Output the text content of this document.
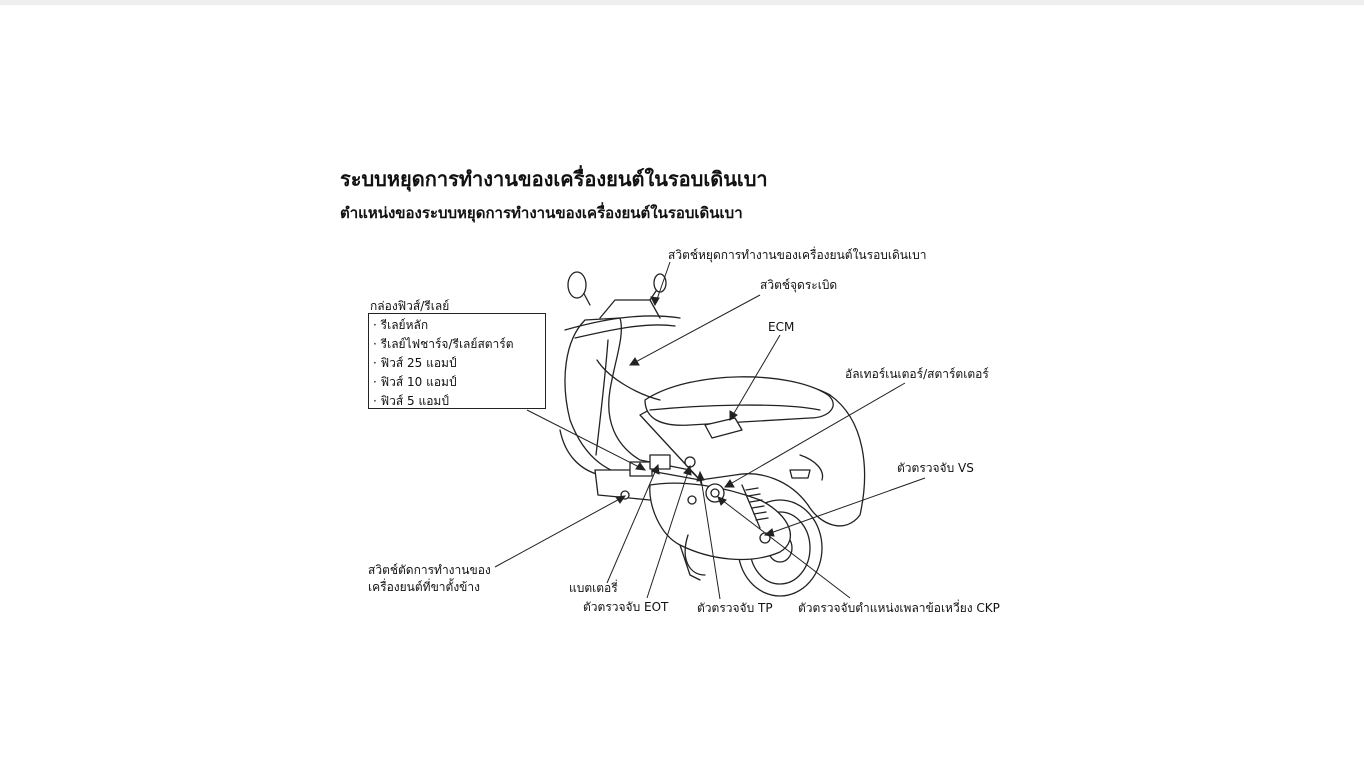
ระบบหยุดการทำงานของเครื่องยนต์ในรอบเดินเบา
ตำแหน่งของระบบหยุดการทำงานของเครื่องยนต์ในรอบเดินเบา
สวิตช์หยุดการทำงานของเครื่องยนต์ในรอบเดินเบา
สวิตช์จุดระเบิด
ECM
อัลเทอร์เนเตอร์/สตาร์ตเตอร์
ตัวตรวจจับ VS
สวิตช์ตัดการทำงานของ
เครื่องยนต์ที่ขาตั้งข้าง	แบตเตอรี่
ตัวตรวจจับ EOT ตัวตรวจจับ TP ตัวตรวจจับตำแหน่งเพลาข้อเหวี่ยง CKP
กล่องฟิวส์/รีเลย์
· รีเลย์หลัก
· รีเลย์ไฟชาร์จ/รีเลย์สตาร์ต
· ฟิวส์ 25 แอมป์
· ฟิวส์ 10 แอมป์
· ฟิวส์ 5 แอมป์
